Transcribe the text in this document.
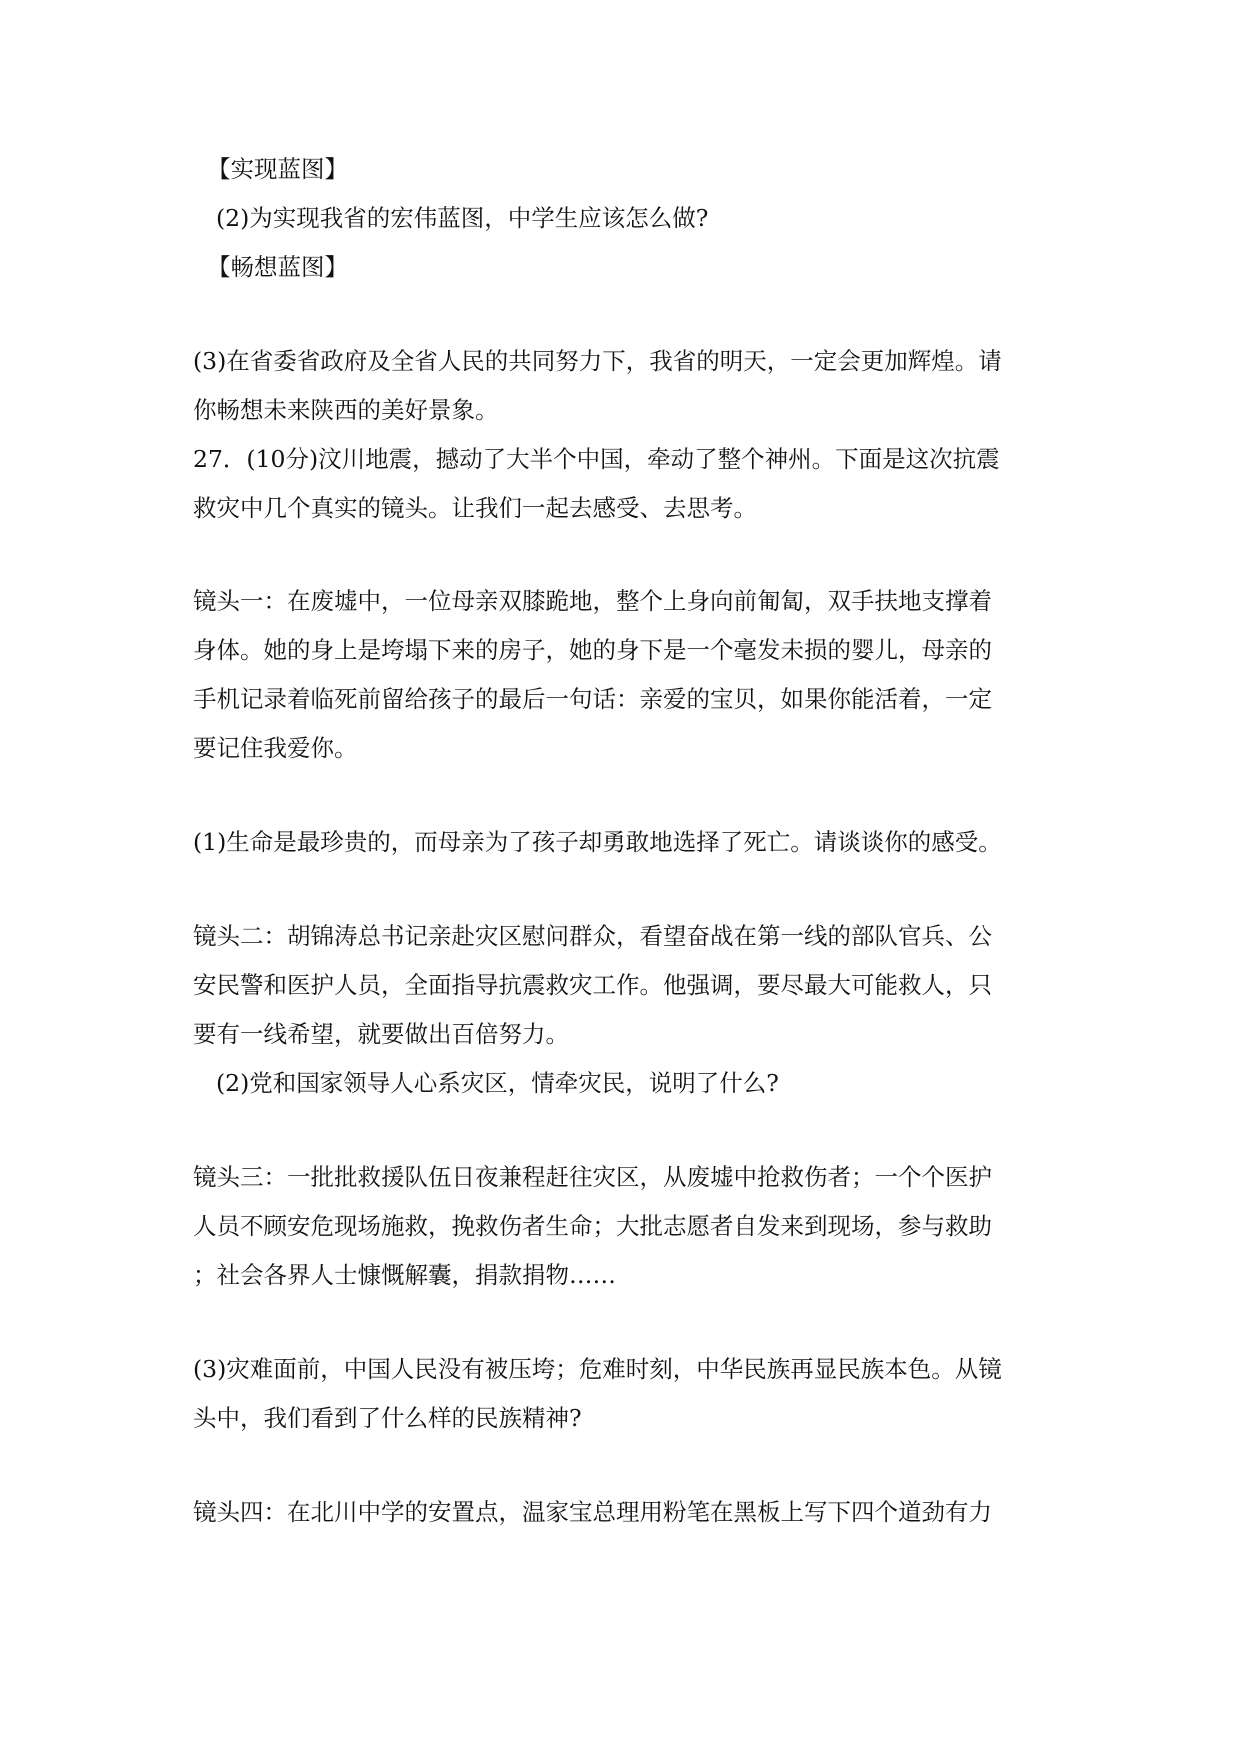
【实现蓝图】
(2)为实现我省的宏伟蓝图，中学生应该怎么做?
【畅想蓝图】
(3)在省委省政府及全省人民的共同努力下，我省的明天，一定会更加辉煌。请
你畅想未来陕西的美好景象。
27．(10分)汶川地震，撼动了大半个中国，牵动了整个神州。下面是这次抗震
救灾中几个真实的镜头。让我们一起去感受、去思考。
镜头一：在废墟中，一位母亲双膝跪地，整个上身向前匍匐，双手扶地支撑着
身体。她的身上是垮塌下来的房子，她的身下是一个毫发未损的婴儿，母亲的
手机记录着临死前留给孩子的最后一句话：亲爱的宝贝，如果你能活着，一定
要记住我爱你。
(1)生命是最珍贵的，而母亲为了孩子却勇敢地选择了死亡。请谈谈你的感受。
镜头二：胡锦涛总书记亲赴灾区慰问群众，看望奋战在第一线的部队官兵、公
安民警和医护人员，全面指导抗震救灾工作。他强调，要尽最大可能救人，只
要有一线希望，就要做出百倍努力。
(2)党和国家领导人心系灾区，情牵灾民，说明了什么?
镜头三：一批批救援队伍日夜兼程赶往灾区，从废墟中抢救伤者；一个个医护
人员不顾安危现场施救，挽救伤者生命；大批志愿者自发来到现场，参与救助
；社会各界人士慷慨解囊，捐款捐物……
(3)灾难面前，中国人民没有被压垮；危难时刻，中华民族再显民族本色。从镜
头中，我们看到了什么样的民族精神?
镜头四：在北川中学的安置点，温家宝总理用粉笔在黑板上写下四个道劲有力
